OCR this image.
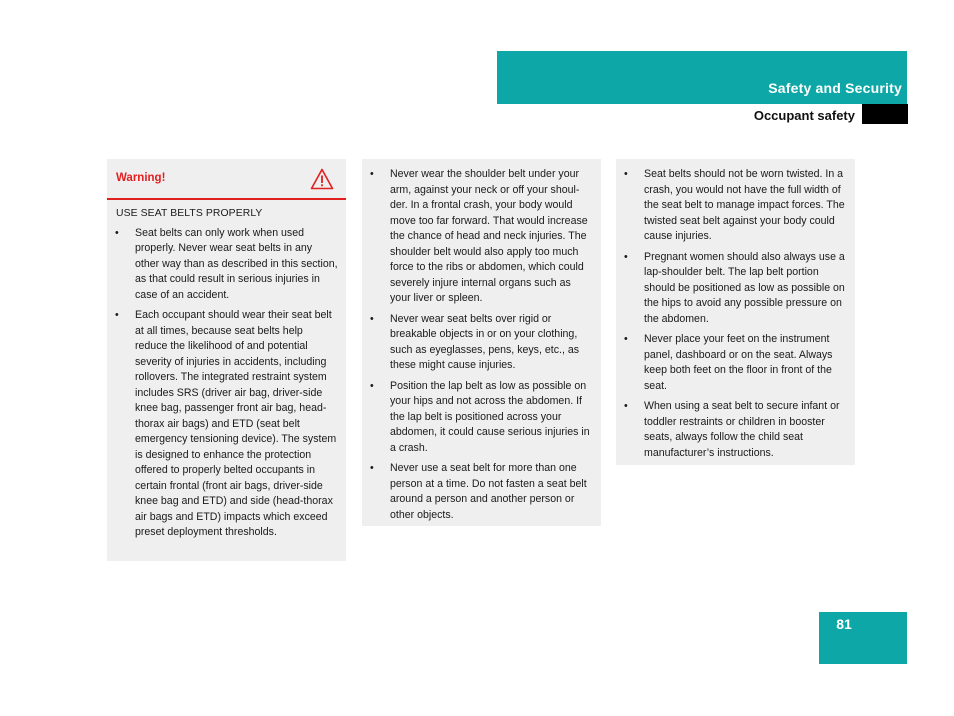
Safety and Security
Occupant safety
Warning!
USE SEAT BELTS PROPERLY
• Seat belts can only work when used properly. Never wear seat belts in any other way than as described in this section, as that could result in serious injuries in case of an accident.
• Each occupant should wear their seat belt at all times, because seat belts help reduce the likelihood of and potential severity of injuries in accidents, including rollovers. The integrated restraint system includes SRS (driver air bag, driver-side knee bag, passenger front air bag, head-thorax air bags) and ETD (seat belt emergency tensioning device). The system is designed to enhance the protection offered to properly belted occupants in certain frontal (front air bags, driver-side knee bag and ETD) and side (head-thorax air bags and ETD) impacts which exceed preset deployment thresholds.
• Never wear the shoulder belt under your arm, against your neck or off your shoulder. In a frontal crash, your body would move too far forward. That would increase the chance of head and neck injuries. The shoulder belt would also apply too much force to the ribs or abdomen, which could severely injure internal organs such as your liver or spleen.
• Never wear seat belts over rigid or breakable objects in or on your clothing, such as eyeglasses, pens, keys, etc., as these might cause injuries.
• Position the lap belt as low as possible on your hips and not across the abdomen. If the lap belt is positioned across your abdomen, it could cause serious injuries in a crash.
• Never use a seat belt for more than one person at a time. Do not fasten a seat belt around a person and another person or other objects.
• Seat belts should not be worn twisted. In a crash, you would not have the full width of the seat belt to manage impact forces. The twisted seat belt against your body could cause injuries.
• Pregnant women should also always use a lap-shoulder belt. The lap belt portion should be positioned as low as possible on the hips to avoid any possible pressure on the abdomen.
• Never place your feet on the instrument panel, dashboard or on the seat. Always keep both feet on the floor in front of the seat.
• When using a seat belt to secure infant or toddler restraints or children in booster seats, always follow the child seat manufacturer’s instructions.
81
